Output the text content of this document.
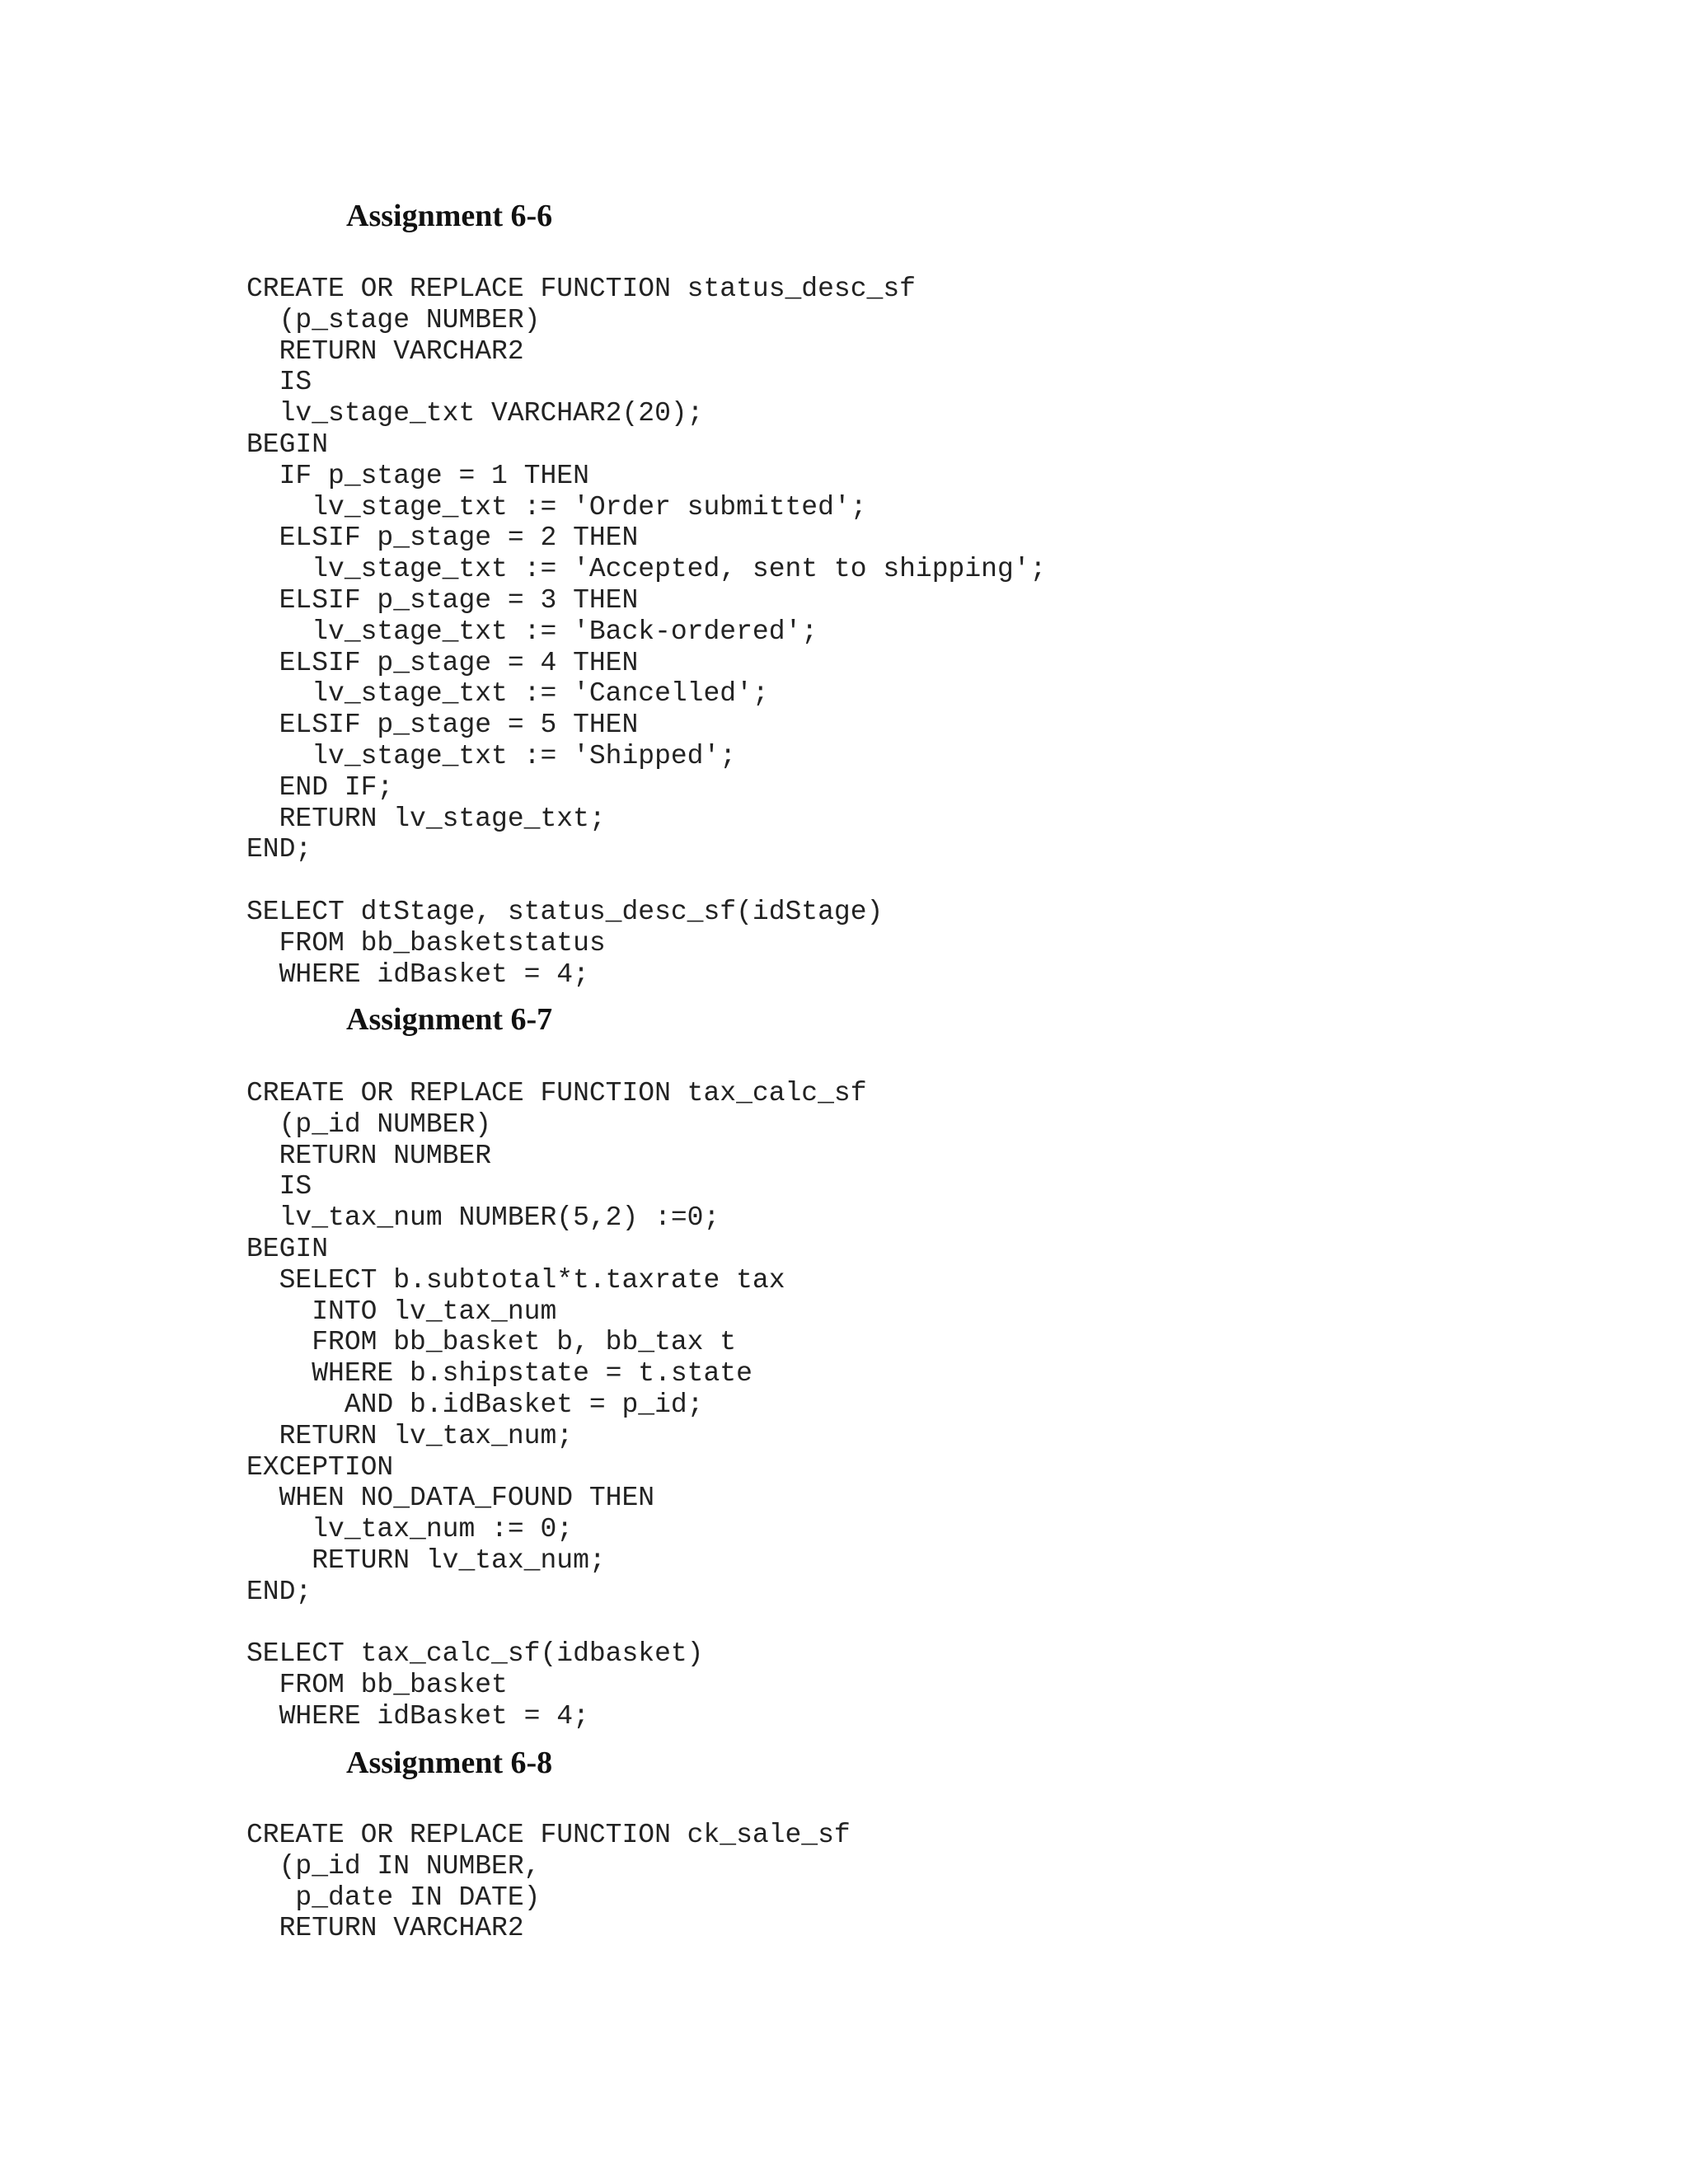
Assignment 6-6
CREATE OR REPLACE FUNCTION status_desc_sf
(p_stage NUMBER)
RETURN VARCHAR2
IS
lv_stage_txt VARCHAR2(20);
BEGIN
IF p_stage = 1 THEN
lv_stage_txt := 'Order submitted';
ELSIF p_stage = 2 THEN
lv_stage_txt := 'Accepted, sent to shipping';
ELSIF p_stage = 3 THEN
lv_stage_txt := 'Back-ordered';
ELSIF p_stage = 4 THEN
lv_stage_txt := 'Cancelled';
ELSIF p_stage = 5 THEN
lv_stage_txt := 'Shipped';
END IF;
RETURN lv_stage_txt;
END;
SELECT dtStage, status_desc_sf(idStage)
FROM bb_basketstatus
WHERE idBasket = 4;
Assignment 6-7
CREATE OR REPLACE FUNCTION tax_calc_sf
(p_id NUMBER)
RETURN NUMBER
IS
lv_tax_num NUMBER(5,2) :=0;
BEGIN
SELECT b.subtotal*t.taxrate tax
INTO lv_tax_num
FROM bb_basket b, bb_tax t
WHERE b.shipstate = t.state
AND b.idBasket = p_id;
RETURN lv_tax_num;
EXCEPTION
WHEN NO_DATA_FOUND THEN
lv_tax_num := 0;
RETURN lv_tax_num;
END;
SELECT tax_calc_sf(idbasket)
FROM bb_basket
WHERE idBasket = 4;
Assignment 6-8
CREATE OR REPLACE FUNCTION ck_sale_sf
(p_id IN NUMBER,
p_date IN DATE)
RETURN VARCHAR2
